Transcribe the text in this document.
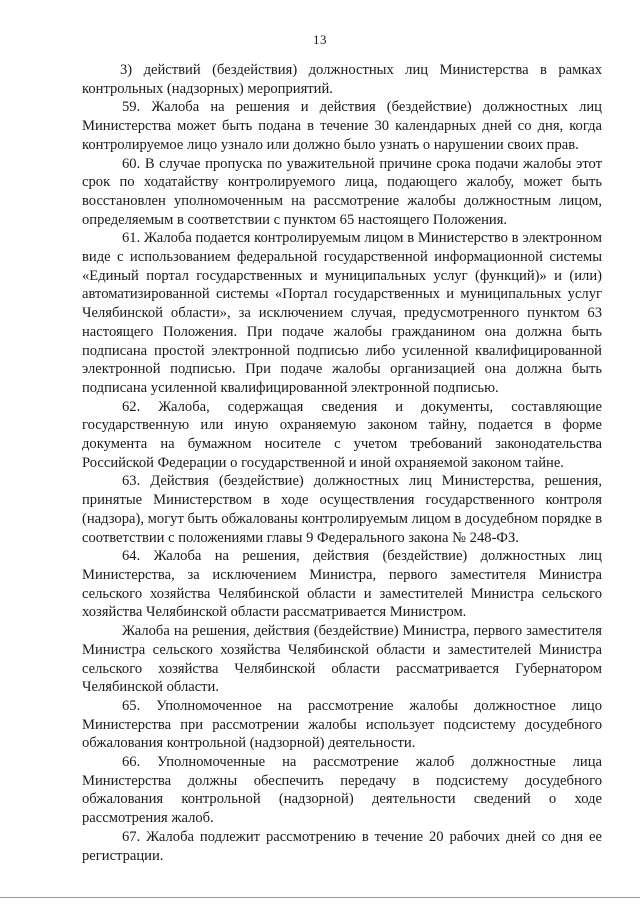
13

3) действий (бездействия) должностных лиц Министерства в рамках контрольных (надзорных) мероприятий.

59. Жалоба на решения и действия (бездействие) должностных лиц Министерства может быть подана в течение 30 календарных дней со дня, когда контролируемое лицо узнало или должно было узнать о нарушении своих прав.

60. В случае пропуска по уважительной причине срока подачи жалобы этот срок по ходатайству контролируемого лица, подающего жалобу, может быть восстановлен уполномоченным на рассмотрение жалобы должностным лицом, определяемым в соответствии с пунктом 65 настоящего Положения.

61. Жалоба подается контролируемым лицом в Министерство в электронном виде с использованием федеральной государственной информационной системы «Единый портал государственных и муниципальных услуг (функций)» и (или) автоматизированной системы «Портал государственных и муниципальных услуг Челябинской области», за исключением случая, предусмотренного пунктом 63 настоящего Положения. При подаче жалобы гражданином она должна быть подписана простой электронной подписью либо усиленной квалифицированной электронной подписью. При подаче жалобы организацией она должна быть подписана усиленной квалифицированной электронной подписью.

62. Жалоба, содержащая сведения и документы, составляющие государственную или иную охраняемую законом тайну, подается в форме документа на бумажном носителе с учетом требований законодательства Российской Федерации о государственной и иной охраняемой законом тайне.

63. Действия (бездействие) должностных лиц Министерства, решения, принятые Министерством в ходе осуществления государственного контроля (надзора), могут быть обжалованы контролируемым лицом в досудебном порядке в соответствии с положениями главы 9 Федерального закона № 248-ФЗ.

64. Жалоба на решения, действия (бездействие) должностных лиц Министерства, за исключением Министра, первого заместителя Министра сельского хозяйства Челябинской области и заместителей Министра сельского хозяйства Челябинской области рассматривается Министром.

Жалоба на решения, действия (бездействие) Министра, первого заместителя Министра сельского хозяйства Челябинской области и заместителей Министра сельского хозяйства Челябинской области рассматривается Губернатором Челябинской области.

65. Уполномоченное на рассмотрение жалобы должностное лицо Министерства при рассмотрении жалобы использует подсистему досудебного обжалования контрольной (надзорной) деятельности.

66. Уполномоченные на рассмотрение жалоб должностные лица Министерства должны обеспечить передачу в подсистему досудебного обжалования контрольной (надзорной) деятельности сведений о ходе рассмотрения жалоб.

67. Жалоба подлежит рассмотрению в течение 20 рабочих дней со дня ее регистрации.
